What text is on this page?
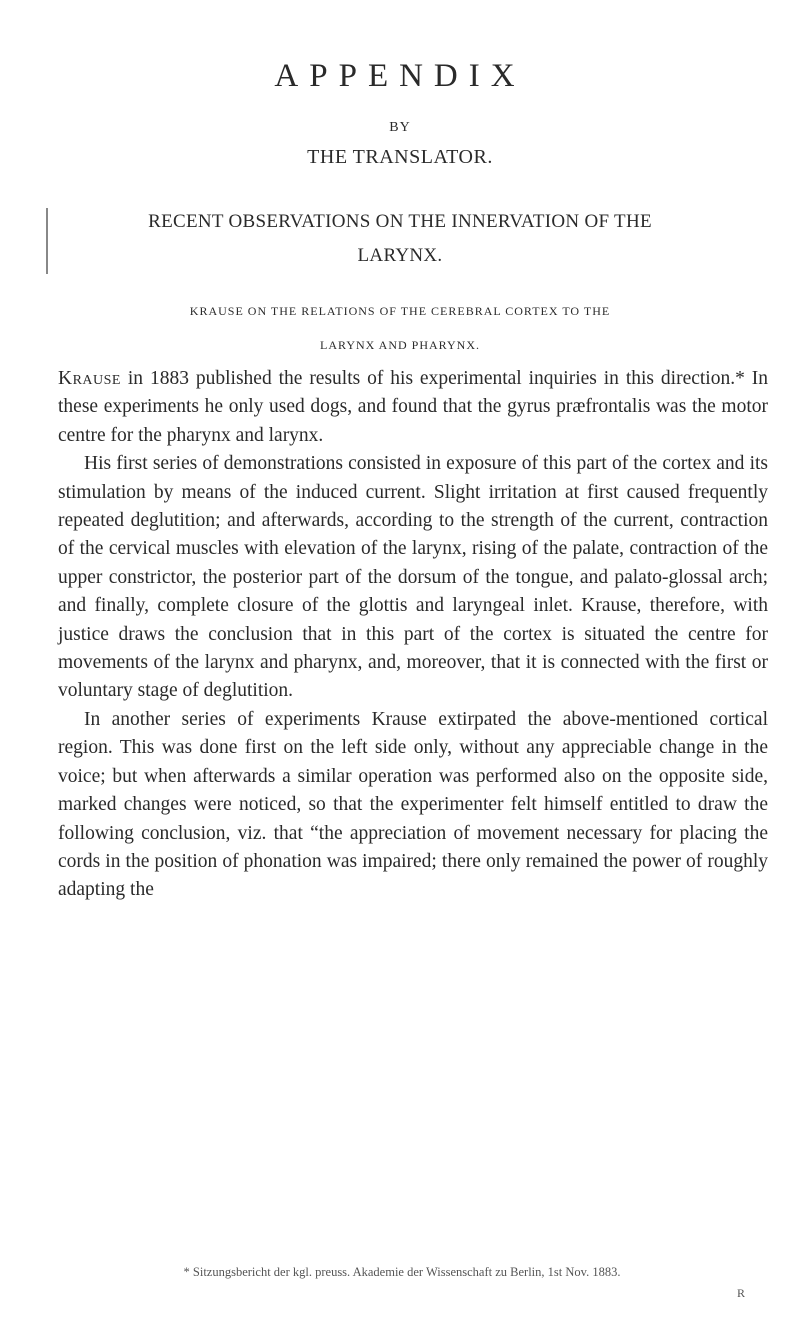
APPENDIX
BY
THE TRANSLATOR.
RECENT OBSERVATIONS ON THE INNERVATION OF THE
LARYNX.
KRAUSE ON THE RELATIONS OF THE CEREBRAL CORTEX TO THE
LARYNX AND PHARYNX.

Krause in 1883 published the results of his experimental inquiries in this direction.* In these experiments he only used dogs, and found that the gyrus præfrontalis was the motor centre for the pharynx and larynx.

His first series of demonstrations consisted in exposure of this part of the cortex and its stimulation by means of the induced current. Slight irritation at first caused frequently repeated deglutition; and afterwards, according to the strength of the current, contraction of the cervical muscles with elevation of the larynx, rising of the palate, contraction of the upper constrictor, the posterior part of the dorsum of the tongue, and palato-glossal arch; and finally, complete closure of the glottis and laryngeal inlet. Krause, therefore, with justice draws the conclusion that in this part of the cortex is situated the centre for movements of the larynx and pharynx, and, moreover, that it is connected with the first or voluntary stage of deglutition.

In another series of experiments Krause extirpated the above-mentioned cortical region. This was done first on the left side only, without any appreciable change in the voice; but when afterwards a similar operation was performed also on the opposite side, marked changes were noticed, so that the experimenter felt himself entitled to draw the following conclusion, viz. that “the appreciation of movement necessary for placing the cords in the position of phonation was impaired; there only remained the power of roughly adapting the

* Sitzungsbericht der kgl. preuss. Akademie der Wissenschaft zu Berlin, 1st Nov. 1883.
R
